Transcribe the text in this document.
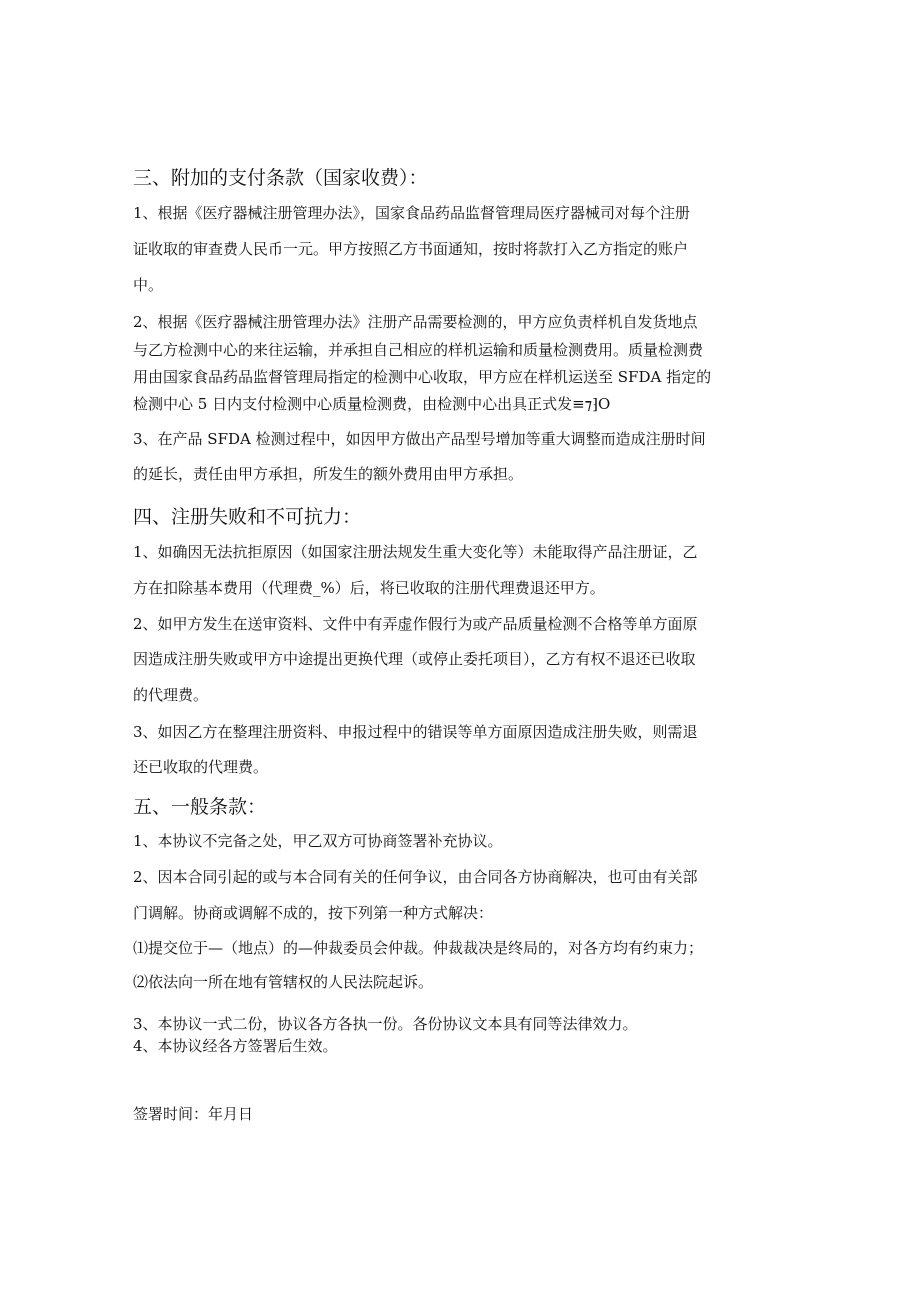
三、附加的支付条款（国家收费）：
1、根据《医疗器械注册管理办法》，国家食品药品监督管理局医疗器械司对每个注册
证收取的审查费人民币一元。甲方按照乙方书面通知，按时将款打入乙方指定的账户
中。
2、根据《医疗器械注册管理办法》注册产品需要检测的，甲方应负责样机自发货地点
与乙方检测中心的来往运输，并承担自己相应的样机运输和质量检测费用。质量检测费
用由国家食品药品监督管理局指定的检测中心收取，甲方应在样机运送至 SFDA 指定的
检测中心 5 日内支付检测中心质量检测费，由检测中心出具正式发≡⁊⁆O
3、在产品 SFDA 检测过程中，如因甲方做出产品型号增加等重大调整而造成注册时间
的延长，责任由甲方承担，所发生的额外费用由甲方承担。
四、注册失败和不可抗力：
1、如确因无法抗拒原因（如国家注册法规发生重大变化等）未能取得产品注册证，乙
方在扣除基本费用（代理费_%）后，将已收取的注册代理费退还甲方。
2、如甲方发生在送审资料、文件中有弄虚作假行为或产品质量检测不合格等单方面原
因造成注册失败或甲方中途提出更换代理（或停止委托项目），乙方有权不退还已收取
的代理费。
3、如因乙方在整理注册资料、申报过程中的错误等单方面原因造成注册失败，则需退
还已收取的代理费。
五、一般条款：
1、本协议不完备之处，甲乙双方可协商签署补充协议。
2、因本合同引起的或与本合同有关的任何争议，由合同各方协商解决，也可由有关部
门调解。协商或调解不成的，按下列第一种方式解决：
⑴提交位于—（地点）的—仲裁委员会仲裁。仲裁裁决是终局的，对各方均有约束力；
⑵依法向一所在地有管辖权的人民法院起诉。
3、本协议一式二份，协议各方各执一份。各份协议文本具有同等法律效力。
4、本协议经各方签署后生效。
签署时间：年月日
